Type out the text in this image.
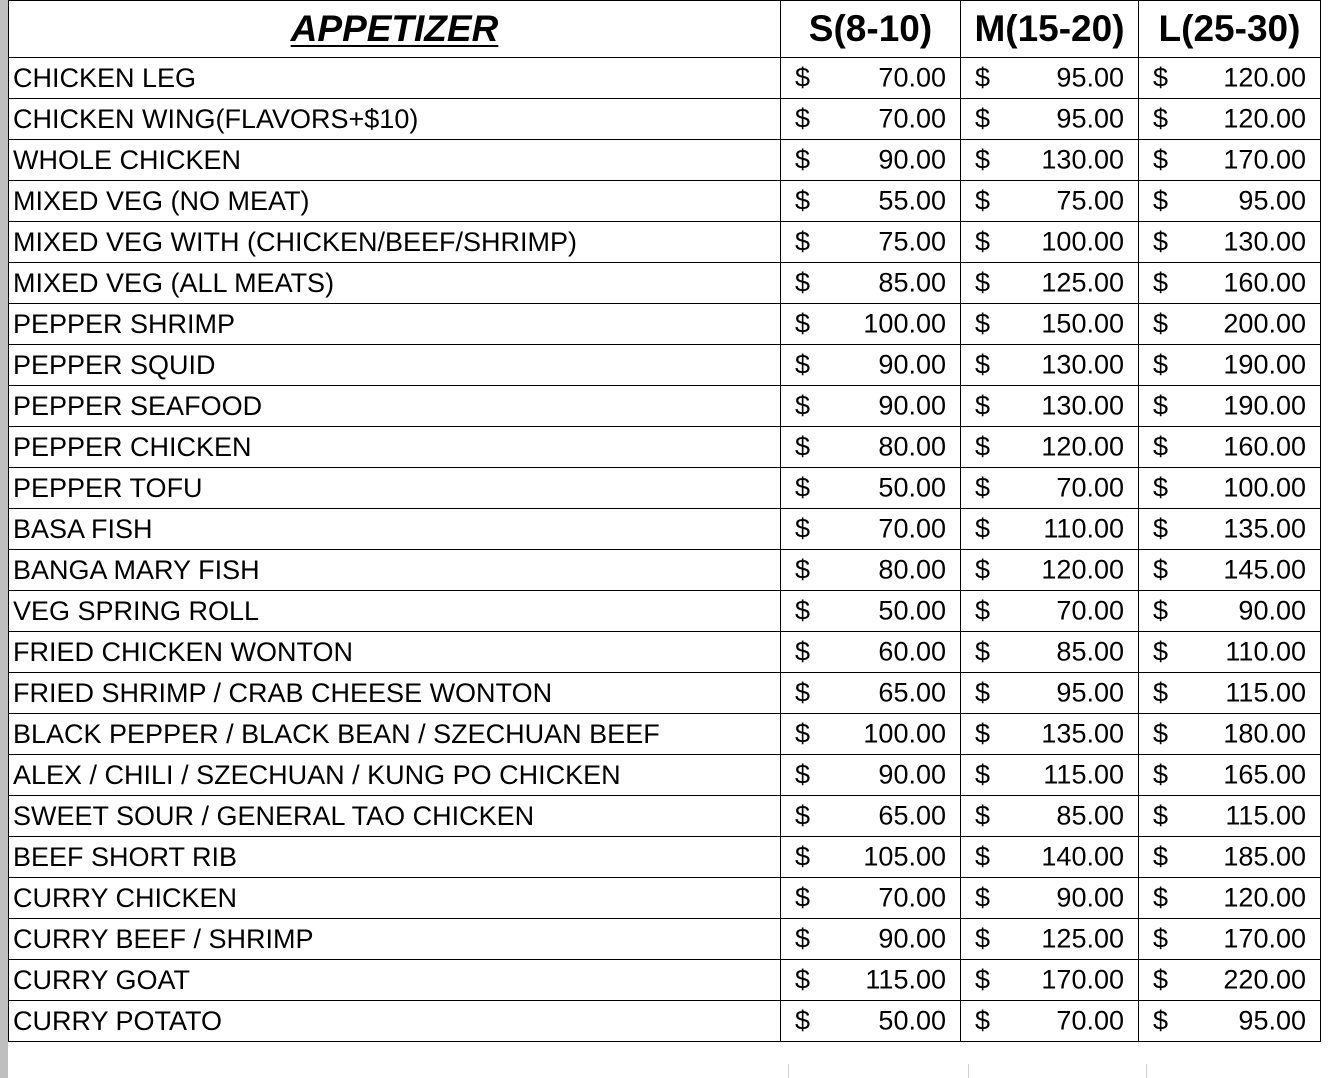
APPETIZER	S(8-10)	M(15-20)	L(25-30)
CHICKEN LEG	$ 70.00	$ 95.00	$ 120.00

CHICKEN WING(FLAVORS+$10)	$ 70.00	$ 95.00	$ 120.00

WHOLE CHICKEN	$ 90.00	$ 130.00	$ 170.00

MIXED VEG (NO MEAT)	$ 55.00	$ 75.00	$ 95.00

MIXED VEG WITH (CHICKEN/BEEF/SHRIMP)	$ 75.00	$ 100.00	$ 130.00

MIXED VEG (ALL MEATS)	$ 85.00	$ 125.00	$ 160.00

PEPPER SHRIMP	$ 100.00	$ 150.00	$ 200.00

PEPPER SQUID	$ 90.00	$ 130.00	$ 190.00

PEPPER SEAFOOD	$ 90.00	$ 130.00	$ 190.00

PEPPER CHICKEN	$ 80.00	$ 120.00	$ 160.00

PEPPER TOFU	$ 50.00	$ 70.00	$ 100.00

BASA FISH	$ 70.00	$ 110.00	$ 135.00

BANGA MARY FISH	$ 80.00	$ 120.00	$ 145.00

VEG SPRING ROLL	$ 50.00	$ 70.00	$ 90.00

FRIED CHICKEN WONTON	$ 60.00	$ 85.00	$ 110.00

FRIED SHRIMP / CRAB CHEESE WONTON	$ 65.00	$ 95.00	$ 115.00

BLACK PEPPER / BLACK BEAN / SZECHUAN BEEF	$ 100.00	$ 135.00	$ 180.00

ALEX / CHILI / SZECHUAN / KUNG PO CHICKEN	$ 90.00	$ 115.00	$ 165.00

SWEET SOUR / GENERAL TAO CHICKEN	$ 65.00	$ 85.00	$ 115.00

BEEF SHORT RIB	$ 105.00	$ 140.00	$ 185.00

CURRY CHICKEN	$ 70.00	$ 90.00	$ 120.00

CURRY BEEF / SHRIMP	$ 90.00	$ 125.00	$ 170.00

CURRY GOAT	$ 115.00	$ 170.00	$ 220.00

CURRY POTATO	$ 50.00	$ 70.00	$ 95.00
